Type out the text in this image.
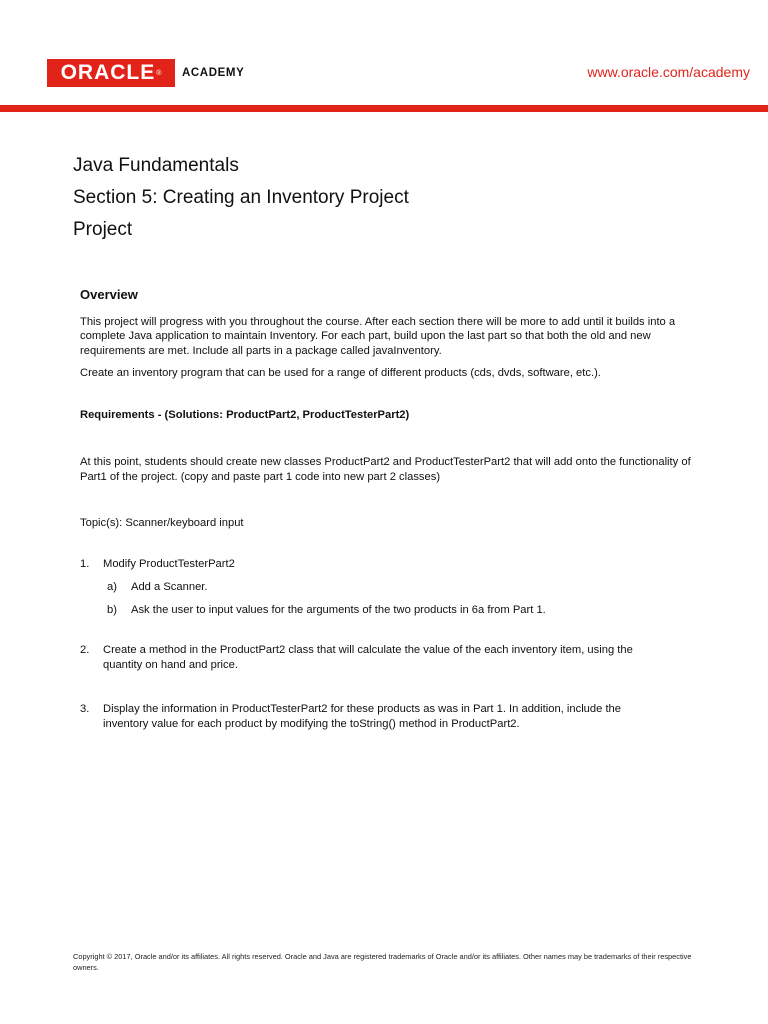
ORACLE ® ACADEMY	www.oracle.com/academy
Java Fundamentals
Section 5: Creating an Inventory Project
Project
Overview

This project will progress with you throughout the course. After each section there will be more to add until it builds into a complete Java application to maintain Inventory. For each part, build upon the last part so that both the old and new requirements are met. Include all parts in a package called javaInventory.

Create an inventory program that can be used for a range of different products (cds, dvds, software, etc.).

Requirements - (Solutions: ProductPart2, ProductTesterPart2)

At this point, students should create new classes ProductPart2 and ProductTesterPart2 that will add onto the functionality of Part1 of the project. (copy and paste part 1 code into new part 2 classes)

Topic(s): Scanner/keyboard input

1.	Modify ProductTesterPart2
a)	Add a Scanner.
b)	Ask the user to input values for the arguments of the two products in 6a from Part 1.
2.	Create a method in the ProductPart2 class that will calculate the value of the each inventory item, using the quantity on hand and price.
3.	Display the information in ProductTesterPart2 for these products as was in Part 1. In addition, include the inventory value for each product by modifying the toString() method in ProductPart2.
Copyright © 2017, Oracle and/or its affiliates. All rights reserved. Oracle and Java are registered trademarks of Oracle and/or its affiliates. Other names may be trademarks of their respective owners.
